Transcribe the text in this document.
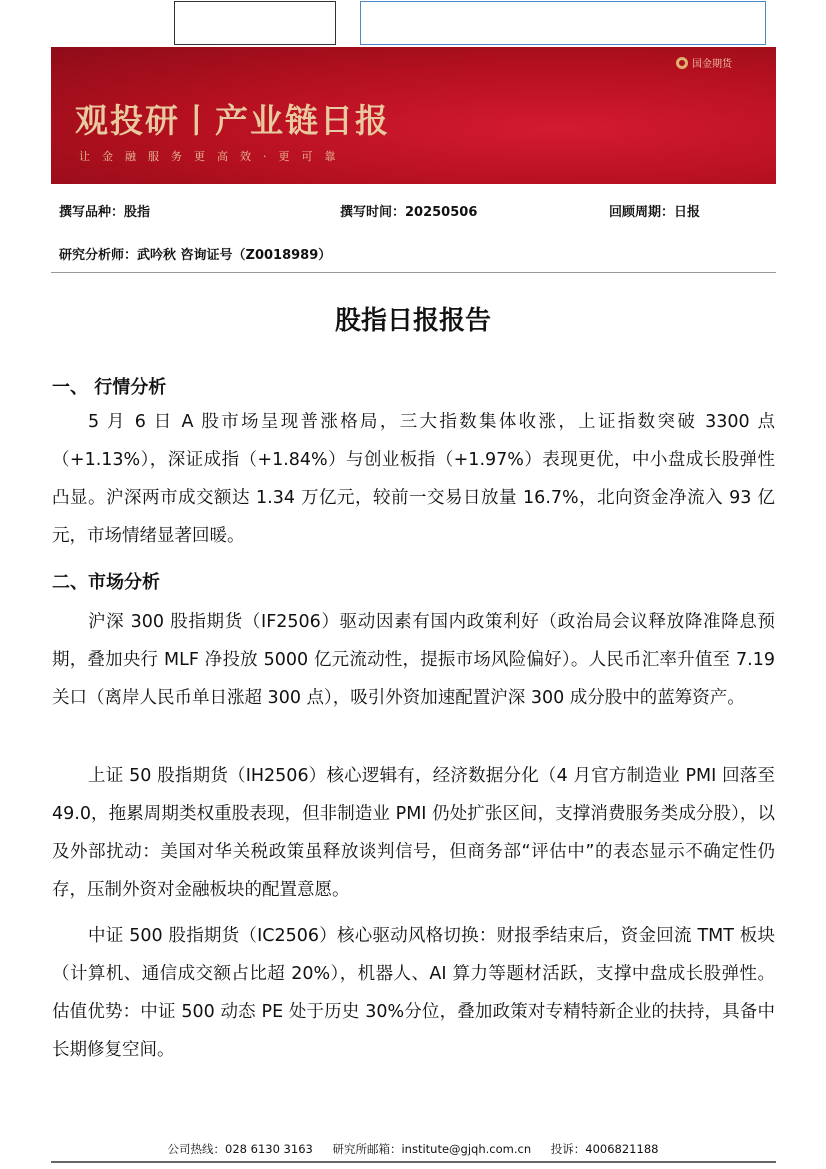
国金期货
观投研丨产业链日报
让金融服务更高效·更可靠
撰写品种：股指	撰写时间：20250506	回顾周期：日报
研究分析师：武吟秋 咨询证号（Z0018989）
股指日报报告
一、 行情分析
5 月 6 日 A 股市场呈现普涨格局，三大指数集体收涨，上证指数突破 3300 点（+1.13%），深证成指（+1.84%）与创业板指（+1.97%）表现更优，中小盘成长股弹性凸显。沪深两市成交额达 1.34 万亿元，较前一交易日放量 16.7%，北向资金净流入 93 亿元，市场情绪显著回暖。
二、市场分析
沪深 300 股指期货（IF2506）驱动因素有国内政策利好（政治局会议释放降准降息预期，叠加央行 MLF 净投放 5000 亿元流动性，提振市场风险偏好）。人民币汇率升值至 7.19 关口（离岸人民币单日涨超 300 点），吸引外资加速配置沪深 300 成分股中的蓝筹资产。
上证 50 股指期货（IH2506）核心逻辑有，经济数据分化（4 月官方制造业 PMI 回落至 49.0，拖累周期类权重股表现，但非制造业 PMI 仍处扩张区间，支撑消费服务类成分股），以及外部扰动：美国对华关税政策虽释放谈判信号，但商务部“评估中”的表态显示不确定性仍存，压制外资对金融板块的配置意愿。
中证 500 股指期货（IC2506）核心驱动风格切换：财报季结束后，资金回流 TMT 板块（计算机、通信成交额占比超 20%），机器人、AI 算力等题材活跃，支撑中盘成长股弹性。估值优势：中证 500 动态 PE 处于历史 30%分位，叠加政策对专精特新企业的扶持，具备中长期修复空间。
公司热线：028 6130 3163 研究所邮箱：institute@gjqh.com.cn 投诉：4006821188
